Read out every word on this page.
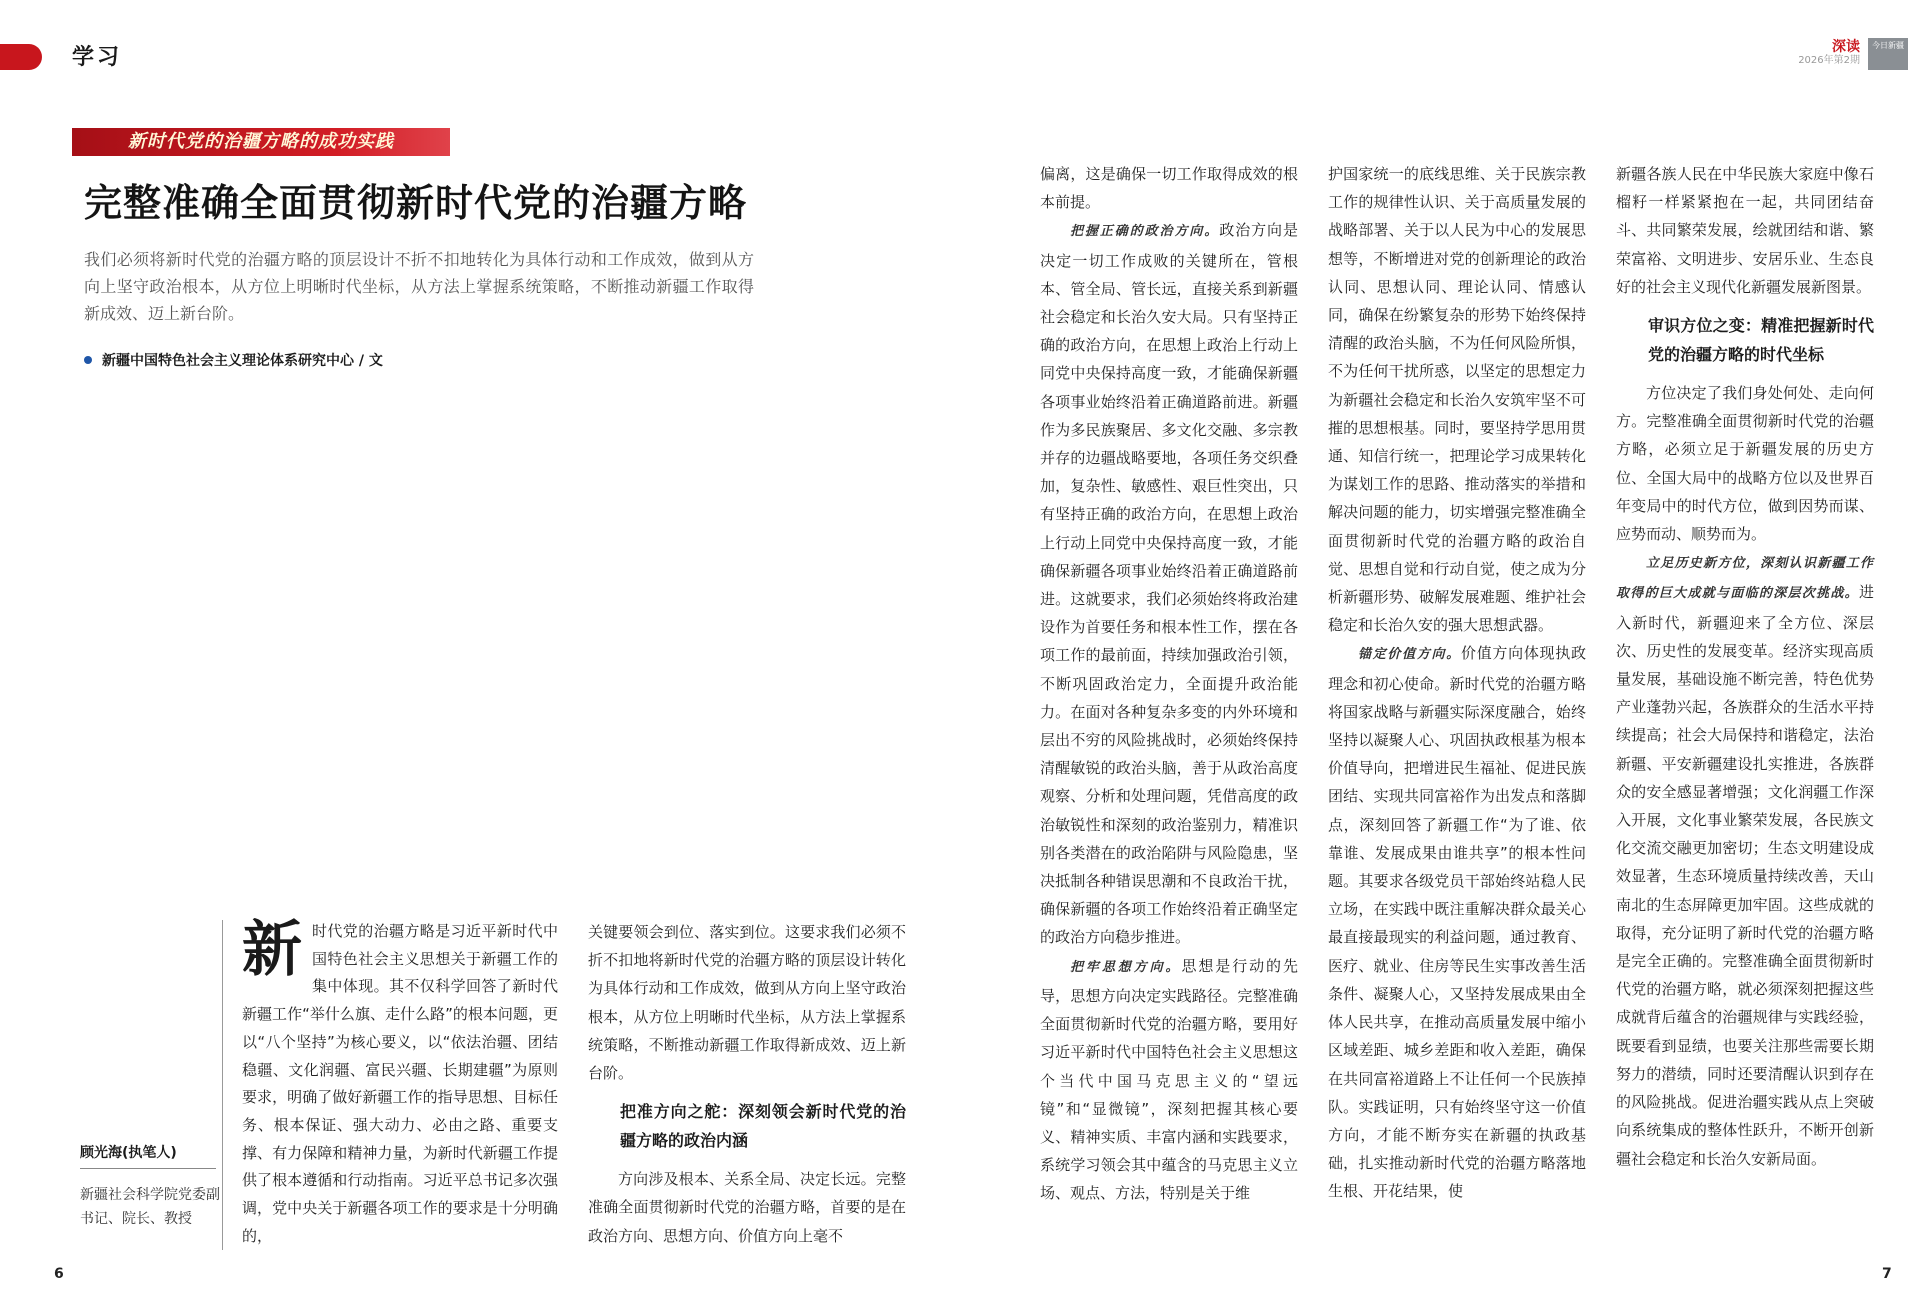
学习	深读
2026年第2期
今日新疆
新时代党的治疆方略的成功实践
完整准确全面贯彻新时代党的治疆方略
我们必须将新时代党的治疆方略的顶层设计不折不扣地转化为具体行动和工作成效，做到从方向上坚守政治根本，从方位上明晰时代坐标，从方法上掌握系统策略，不断推动新疆工作取得新成效、迈上新台阶。
新疆中国特色社会主义理论体系研究中心 / 文
顾光海(执笔人)
新疆社会科学院党委副书记、院长、教授
新 时代党的治疆方略是习近平新时代中国特色社会主义思想关于新疆工作的集中体现。其不仅科学回答了新时代新疆工作“举什么旗、走什么路”的根本问题，更以“八个坚持”为核心要义，以“依法治疆、团结稳疆、文化润疆、富民兴疆、长期建疆”为原则要求，明确了做好新疆工作的指导思想、目标任务、根本保证、强大动力、必由之路、重要支撑、有力保障和精神力量，为新时代新疆工作提供了根本遵循和行动指南。习近平总书记多次强调，党中央关于新疆各项工作的要求是十分明确的，

关键要领会到位、落实到位。这要求我们必须不折不扣地将新时代党的治疆方略的顶层设计转化为具体行动和工作成效，做到从方向上坚守政治根本，从方位上明晰时代坐标，从方法上掌握系统策略，不断推动新疆工作取得新成效、迈上新台阶。

把准方向之舵：深刻领会新时代党的治疆方略的政治内涵

方向涉及根本、关系全局、决定长远。完整准确全面贯彻新时代党的治疆方略，首要的是在政治方向、思想方向、价值方向上毫不

偏离，这是确保一切工作取得成效的根本前提。

把握正确的政治方向。政治方向是决定一切工作成败的关键所在，管根本、管全局、管长远，直接关系到新疆社会稳定和长治久安大局。只有坚持正确的政治方向，在思想上政治上行动上同党中央保持高度一致，才能确保新疆各项事业始终沿着正确道路前进。新疆作为多民族聚居、多文化交融、多宗教并存的边疆战略要地，各项任务交织叠加，复杂性、敏感性、艰巨性突出，只有坚持正确的政治方向，在思想上政治上行动上同党中央保持高度一致，才能确保新疆各项事业始终沿着正确道路前进。这就要求，我们必须始终将政治建设作为首要任务和根本性工作，摆在各项工作的最前面，持续加强政治引领，不断巩固政治定力，全面提升政治能力。在面对各种复杂多变的内外环境和层出不穷的风险挑战时，必须始终保持清醒敏锐的政治头脑，善于从政治高度观察、分析和处理问题，凭借高度的政治敏锐性和深刻的政治鉴别力，精准识别各类潜在的政治陷阱与风险隐患，坚决抵制各种错误思潮和不良政治干扰，确保新疆的各项工作始终沿着正确坚定的政治方向稳步推进。

把牢思想方向。思想是行动的先导，思想方向决定实践路径。完整准确全面贯彻新时代党的治疆方略，要用好习近平新时代中国特色社会主义思想这个当代中国马克思主义的“望远镜”和“显微镜”，深刻把握其核心要义、精神实质、丰富内涵和实践要求，系统学习领会其中蕴含的马克思主义立场、观点、方法，特别是关于维

护国家统一的底线思维、关于民族宗教工作的规律性认识、关于高质量发展的战略部署、关于以人民为中心的发展思想等，不断增进对党的创新理论的政治认同、思想认同、理论认同、情感认同，确保在纷繁复杂的形势下始终保持清醒的政治头脑，不为任何风险所惧，不为任何干扰所惑，以坚定的思想定力为新疆社会稳定和长治久安筑牢坚不可摧的思想根基。同时，要坚持学思用贯通、知信行统一，把理论学习成果转化为谋划工作的思路、推动落实的举措和解决问题的能力，切实增强完整准确全面贯彻新时代党的治疆方略的政治自觉、思想自觉和行动自觉，使之成为分析新疆形势、破解发展难题、维护社会稳定和长治久安的强大思想武器。

锚定价值方向。价值方向体现执政理念和初心使命。新时代党的治疆方略将国家战略与新疆实际深度融合，始终坚持以凝聚人心、巩固执政根基为根本价值导向，把增进民生福祉、促进民族团结、实现共同富裕作为出发点和落脚点，深刻回答了新疆工作“为了谁、依靠谁、发展成果由谁共享”的根本性问题。其要求各级党员干部始终站稳人民立场，在实践中既注重解决群众最关心最直接最现实的利益问题，通过教育、医疗、就业、住房等民生实事改善生活条件、凝聚人心，又坚持发展成果由全体人民共享，在推动高质量发展中缩小区域差距、城乡差距和收入差距，确保在共同富裕道路上不让任何一个民族掉队。实践证明，只有始终坚守这一价值方向，才能不断夯实在新疆的执政基础，扎实推动新时代党的治疆方略落地生根、开花结果，使

新疆各族人民在中华民族大家庭中像石榴籽一样紧紧抱在一起，共同团结奋斗、共同繁荣发展，绘就团结和谐、繁荣富裕、文明进步、安居乐业、生态良好的社会主义现代化新疆发展新图景。

审识方位之变：精准把握新时代党的治疆方略的时代坐标

方位决定了我们身处何处、走向何方。完整准确全面贯彻新时代党的治疆方略，必须立足于新疆发展的历史方位、全国大局中的战略方位以及世界百年变局中的时代方位，做到因势而谋、应势而动、顺势而为。

立足历史新方位，深刻认识新疆工作取得的巨大成就与面临的深层次挑战。进入新时代，新疆迎来了全方位、深层次、历史性的发展变革。经济实现高质量发展，基础设施不断完善，特色优势产业蓬勃兴起，各族群众的生活水平持续提高；社会大局保持和谐稳定，法治新疆、平安新疆建设扎实推进，各族群众的安全感显著增强；文化润疆工作深入开展，文化事业繁荣发展，各民族文化交流交融更加密切；生态文明建设成效显著，生态环境质量持续改善，天山南北的生态屏障更加牢固。这些成就的取得，充分证明了新时代党的治疆方略是完全正确的。完整准确全面贯彻新时代党的治疆方略，就必须深刻把握这些成就背后蕴含的治疆规律与实践经验，既要看到显绩，也要关注那些需要长期努力的潜绩，同时还要清醒认识到存在的风险挑战。促进治疆实践从点上突破向系统集成的整体性跃升，不断开创新疆社会稳定和长治久安新局面。

6	7
